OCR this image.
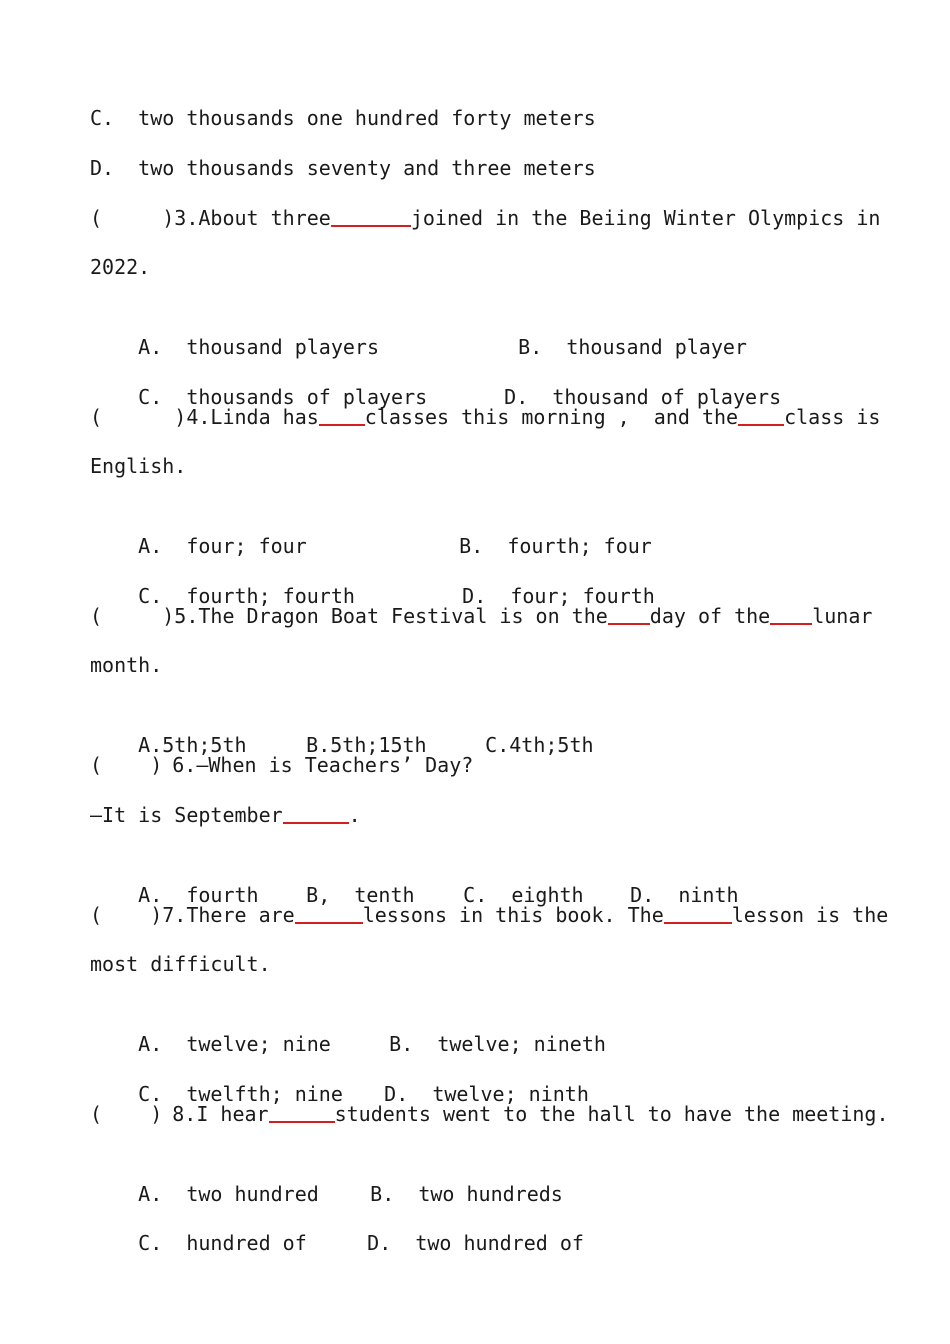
C.  two thousands one hundred forty meters
D.  two thousands seventy and three meters
(     ) 3. About three	joined in the Beiing Winter Olympics in
2022.

A.  thousand players	B.  thousand player

C.  thousands of players	D.  thousand of players

(      ) 4. Linda has classes this morning ,  and the class is
English.

A.  four; four	B.  fourth; four

C.  fourth; fourth	D.  four; fourth

(     ) 5. The Dragon Boat Festival is on the day of the lunar
month.

A.5th;5th	B.5th;15th	C.4th;5th

(    ) 6.—When is Teachers’ Day?
—It is September	.

A.  fourth B,  tenth C.  eighth D.  ninth

(    ) 7. There are	lessons in this book. The	lesson is the
most difficult.

A.  twelve; nine	B.  twelve; nineth

C.  twelfth; nine D.  twelve; ninth

(    ) 8.I hear	students went to the hall to have the meeting.

A.  two hundred	B.  two hundreds

C.  hundred of	D.  two hundred of
